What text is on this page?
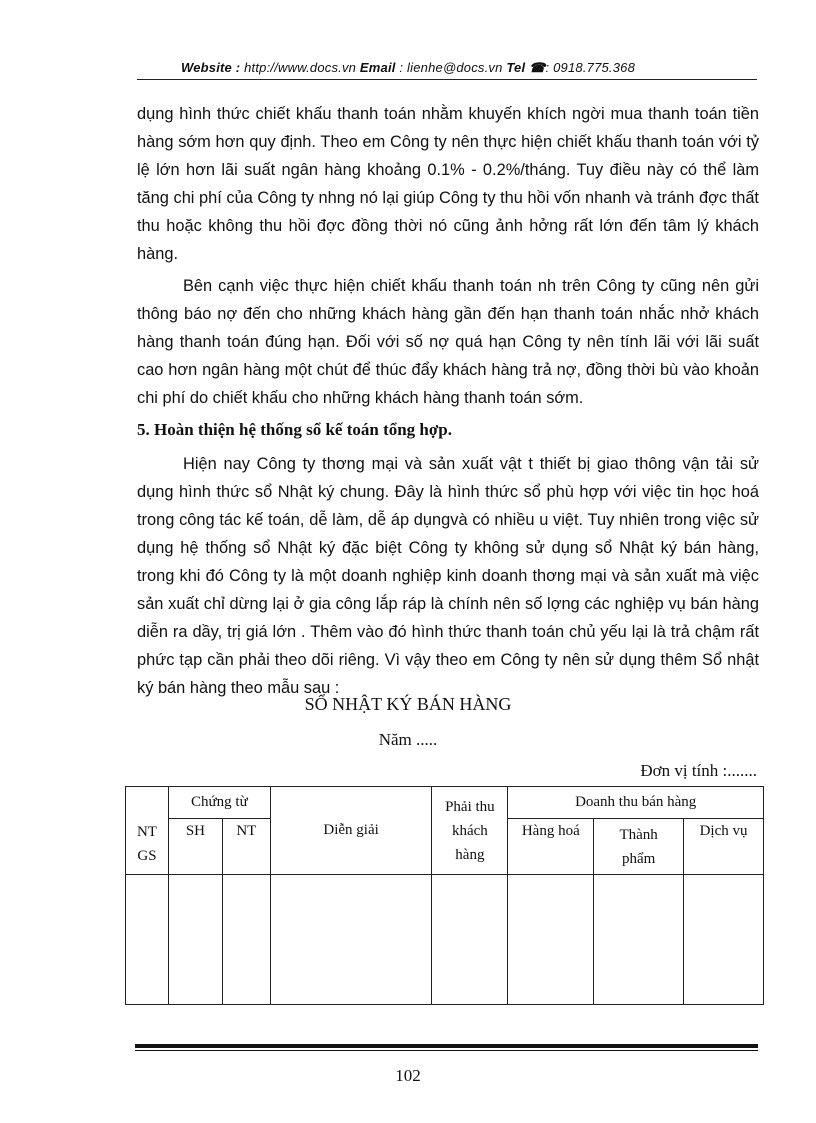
Website : http://www.docs.vn Email : lienhe@docs.vn Tel ☎: 0918.775.368

dụng hình thức chiết khấu thanh toán nhằm khuyến khích ngời mua thanh toán tiền hàng sớm hơn quy định. Theo em Công ty nên thực hiện chiết khấu thanh toán với tỷ lệ lớn hơn lãi suất ngân hàng khoảng 0.1% - 0.2%/tháng. Tuy điều này có thể làm tăng chi phí của Công ty nhng nó lại giúp Công ty thu hồi vốn nhanh và tránh đợc thất thu hoặc không thu hồi đợc đồng thời nó cũng ảnh hởng rất lớn đến tâm lý khách hàng.

Bên cạnh việc thực hiện chiết khấu thanh toán nh trên Công ty cũng nên gửi thông báo nợ đến cho những khách hàng gần đến hạn thanh toán nhắc nhở khách hàng thanh toán đúng hạn. Đối với số nợ quá hạn Công ty nên tính lãi với lãi suất cao hơn ngân hàng một chút để thúc đẩy khách hàng trả nợ, đồng thời bù vào khoản chi phí do chiết khấu cho những khách hàng thanh toán sớm.

5. Hoàn thiện hệ thống sổ kế toán tổng hợp.

Hiện nay Công ty thơng mại và sản xuất vật t thiết bị giao thông vận tải sử dụng hình thức sổ Nhật ký chung. Đây là hình thức sổ phù hợp với việc tin học hoá trong công tác kế toán, dễ làm, dễ áp dụngvà có nhiều u việt. Tuy nhiên trong việc sử dụng hệ thống sổ Nhật ký đặc biệt Công ty không sử dụng sổ Nhật ký bán hàng, trong khi đó Công ty là một doanh nghiệp kinh doanh thơng mại và sản xuất mà việc sản xuất chỉ dừng lại ở gia công lắp ráp là chính nên số lợng các nghiệp vụ bán hàng diễn ra dầy, trị giá lớn . Thêm vào đó hình thức thanh toán chủ yếu lại là trả chậm rất phức tạp cần phải theo dõi riêng. Vì vậy theo em Công ty nên sử dụng thêm Sổ nhật ký bán hàng theo mẫu sau :

SỔ NHẬT KÝ BÁN HÀNG
Năm .....
Đơn vị tính :.......
NT GS	Chứng từ		Diễn giải	Phải thu khách hàng	Doanh thu bán hàng		
	SH	NT			Hàng hoá	Thành phẩm	Dịch vụ

102
